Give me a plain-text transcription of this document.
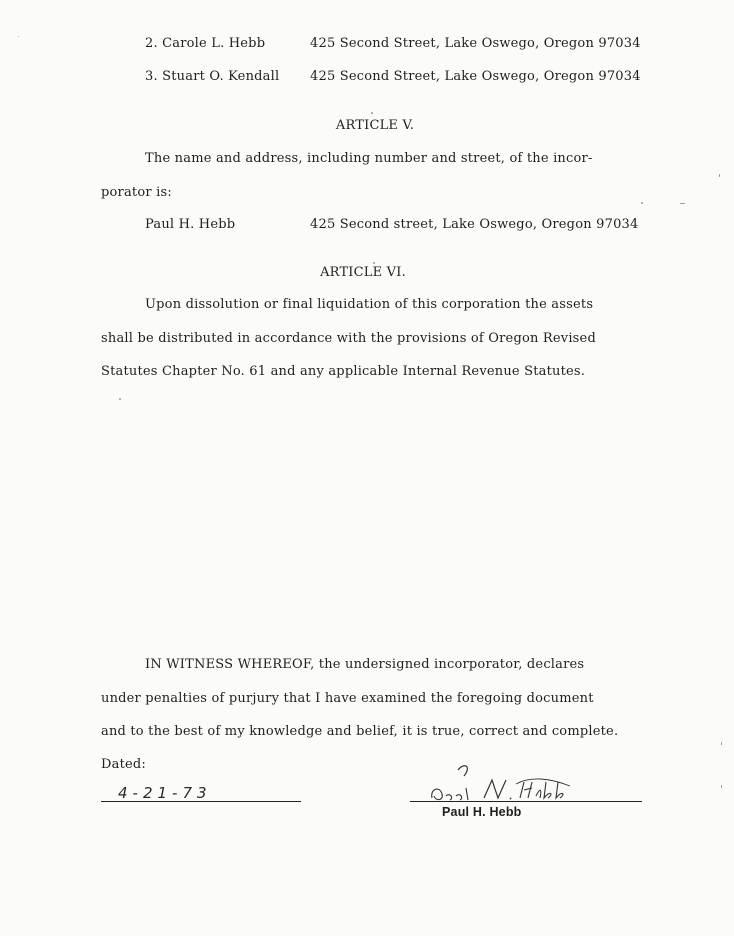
2. Carole L. Hebb	425 Second Street, Lake Oswego, Oregon 97034
3. Stuart O. Kendall 425 Second Street, Lake Oswego, Oregon 97034
ARTICLE V.
The name and address, including number and street, of the incor-
porator is:
Paul H. Hebb	425 Second street, Lake Oswego, Oregon 97034
ARTICLE VI.
Upon dissolution or final liquidation of this corporation the assets
shall be distributed in accordance with the provisions of Oregon Revised
Statutes Chapter No. 61 and any applicable Internal Revenue Statutes.
IN WITNESS WHEREOF, the undersigned incorporator, declares
under penalties of purjury that I have examined the foregoing document
and to the best of my knowledge and belief, it is true, correct and complete.
Dated:
4-21-73
Paul H. Hebb
